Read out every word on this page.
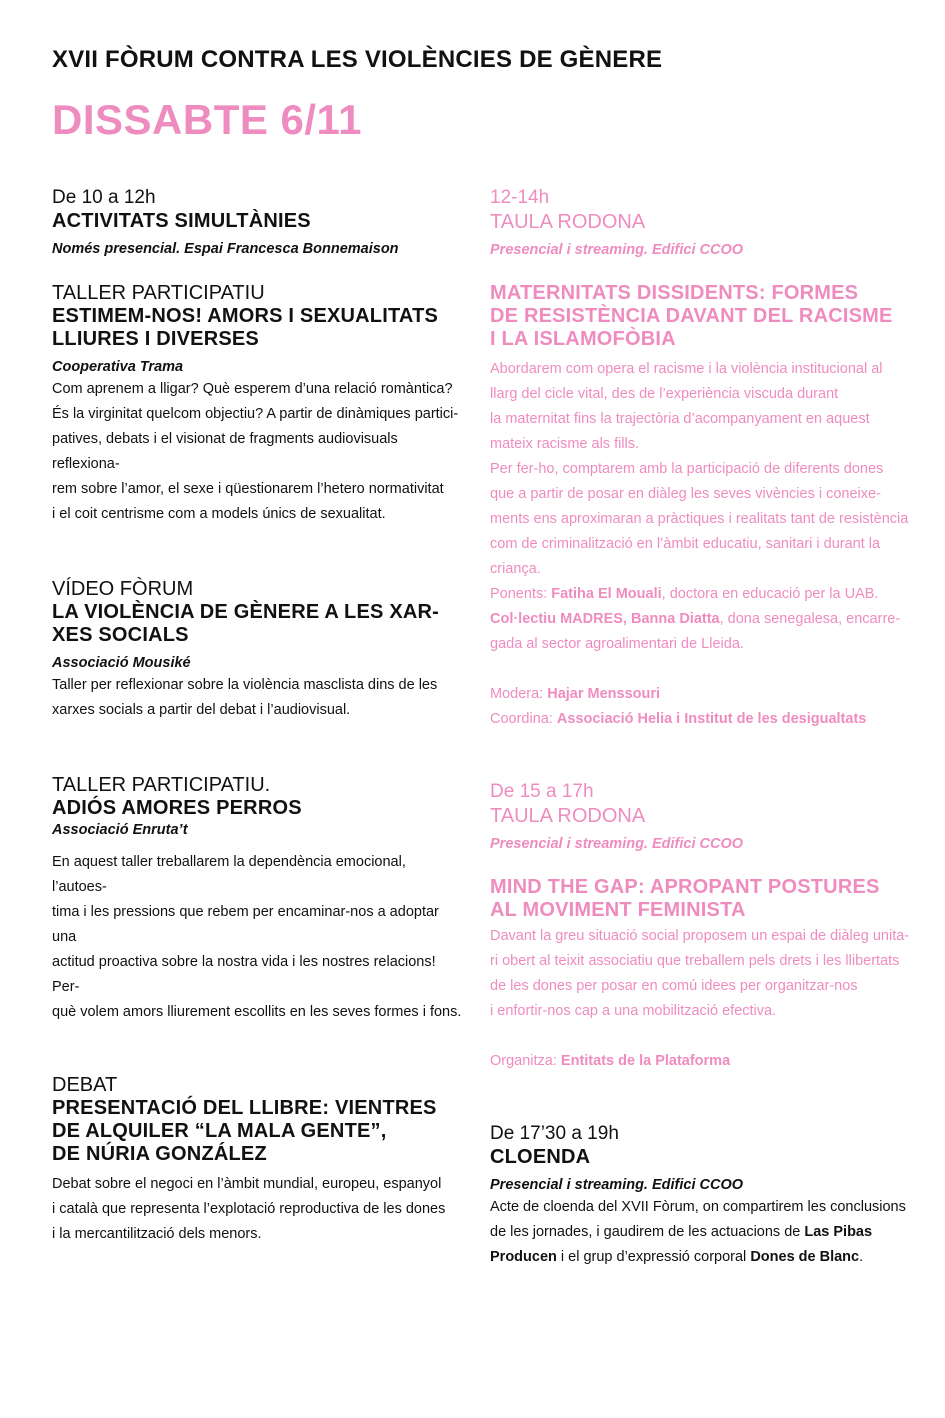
XVII FÒRUM CONTRA LES VIOLÈNCIES DE GÈNERE
DISSABTE 6/11
De 10 a 12h
ACTIVITATS SIMULTÀNIES
Només presencial. Espai Francesca Bonnemaison
TALLER PARTICIPATIU
ESTIMEM-NOS! AMORS I SEXUALITATS
LLIURES I DIVERSES
Cooperativa Trama

Com aprenem a lligar? Què esperem d’una relació romàntica?

És la virginitat quelcom objectiu? A partir de dinàmiques partici-

patives, debats i el visionat de fragments audiovisuals reflexiona-

rem sobre l’amor, el sexe i qüestionarem l’hetero normativitat

i el coit centrisme com a models únics de sexualitat.

VÍDEO FÒRUM
LA VIOLÈNCIA DE GÈNERE A LES XAR-
XES SOCIALS
Associació Mousiké

Taller per reflexionar sobre la violència masclista dins de les

xarxes socials a partir del debat i l’audiovisual.

TALLER PARTICIPATIU.
ADIÓS AMORES PERROS
Associació Enruta’t

En aquest taller treballarem la dependència emocional, l’autoes-

tima i les pressions que rebem per encaminar-nos a adoptar una

actitud proactiva sobre la nostra vida i les nostres relacions! Per-

què volem amors lliurement escollits en les seves formes i fons.

DEBAT
PRESENTACIÓ DEL LLIBRE: VIENTRES
DE ALQUILER “LA MALA GENTE”,
DE NÚRIA GONZÁLEZ

Debat sobre el negoci en l’àmbit mundial, europeu, espanyol

i català que representa l’explotació reproductiva de les dones

i la mercantilització dels menors.

12-14h
TAULA RODONA
Presencial i streaming. Edifici CCOO
MATERNITATS DISSIDENTS: FORMES
DE RESISTÈNCIA DAVANT DEL RACISME
I LA ISLAMOFÒBIA

Abordarem com opera el racisme i la violència institucional al

llarg del cicle vital, des de l’experiència viscuda durant

la maternitat fins la trajectòria d’acompanyament en aquest

mateix racisme als fills.

Per fer-ho, comptarem amb la participació de diferents dones

que a partir de posar en diàleg les seves vivències i coneixe-

ments ens aproximaran a pràctiques i realitats tant de resistència

com de criminalització en l’àmbit educatiu, sanitari i durant la

criança.

Ponents: Fatiha El Mouali, doctora en educació per la UAB.

Col·lectiu MADRES, Banna Diatta, dona senegalesa, encarre-

gada al sector agroalimentari de Lleida.

Modera: Hajar Menssouri

Coordina: Associació Helia i Institut de les desigualtats

De 15 a 17h
TAULA RODONA
Presencial i streaming. Edifici CCOO
MIND THE GAP: APROPANT POSTURES
AL MOVIMENT FEMINISTA

Davant la greu situació social proposem un espai de diàleg unita-

ri obert al teixit associatiu que treballem pels drets i les llibertats

de les dones per posar en comú idees per organitzar-nos

i enfortir-nos cap a una mobilització efectiva.

Organitza: Entitats de la Plataforma

De 17’30 a 19h
CLOENDA
Presencial i streaming. Edifici CCOO

Acte de cloenda del XVII Fòrum, on compartirem les conclusions

de les jornades, i gaudirem de les actuacions de Las Pibas

Producen i el grup d’expressió corporal Dones de Blanc.
